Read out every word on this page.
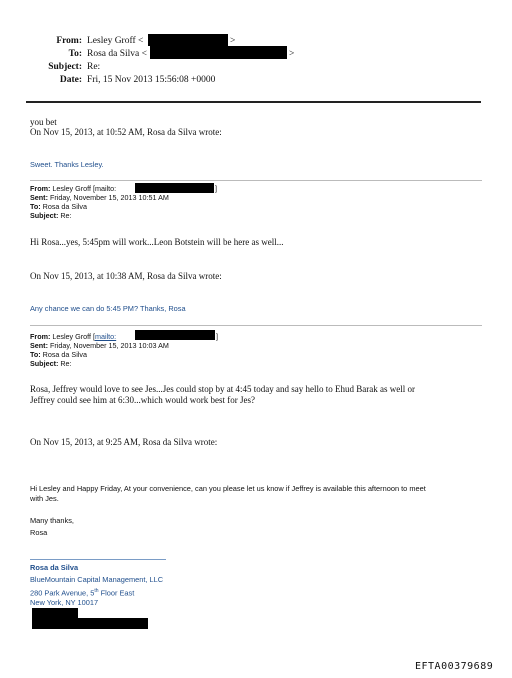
From: Lesley Groff <	>
To: Rosa da Silva <	>
Subject: Re:
Date: Fri, 15 Nov 2013 15:56:08 +0000
you bet
On Nov 15, 2013, at 10:52 AM, Rosa da Silva wrote:
Sweet. Thanks Lesley.
From: Lesley Groff [mailto:	]
Sent: Friday, November 15, 2013 10:51 AM
To: Rosa da Silva
Subject: Re:
Hi Rosa...yes, 5:45pm will work...Leon Botstein will be here as well...
On Nov 15, 2013, at 10:38 AM, Rosa da Silva wrote:
Any chance we can do 5:45 PM? Thanks, Rosa
From: Lesley Groff [mailto:	]
Sent: Friday, November 15, 2013 10:03 AM
To: Rosa da Silva
Subject: Re:
Rosa, Jeffrey would love to see Jes...Jes could stop by at 4:45 today and say hello to Ehud Barak as well or
Jeffrey could see him at 6:30...which would work best for Jes?
On Nov 15, 2013, at 9:25 AM, Rosa da Silva wrote:
Hi Lesley and Happy Friday, At your convenience, can you please let us know if Jeffrey is available this afternoon to meet
with Jes.
Many thanks,
Rosa
Rosa da Silva
BlueMountain Capital Management, LLC
280 Park Avenue, 5th Floor East
New York, NY 10017
EFTA00379689
